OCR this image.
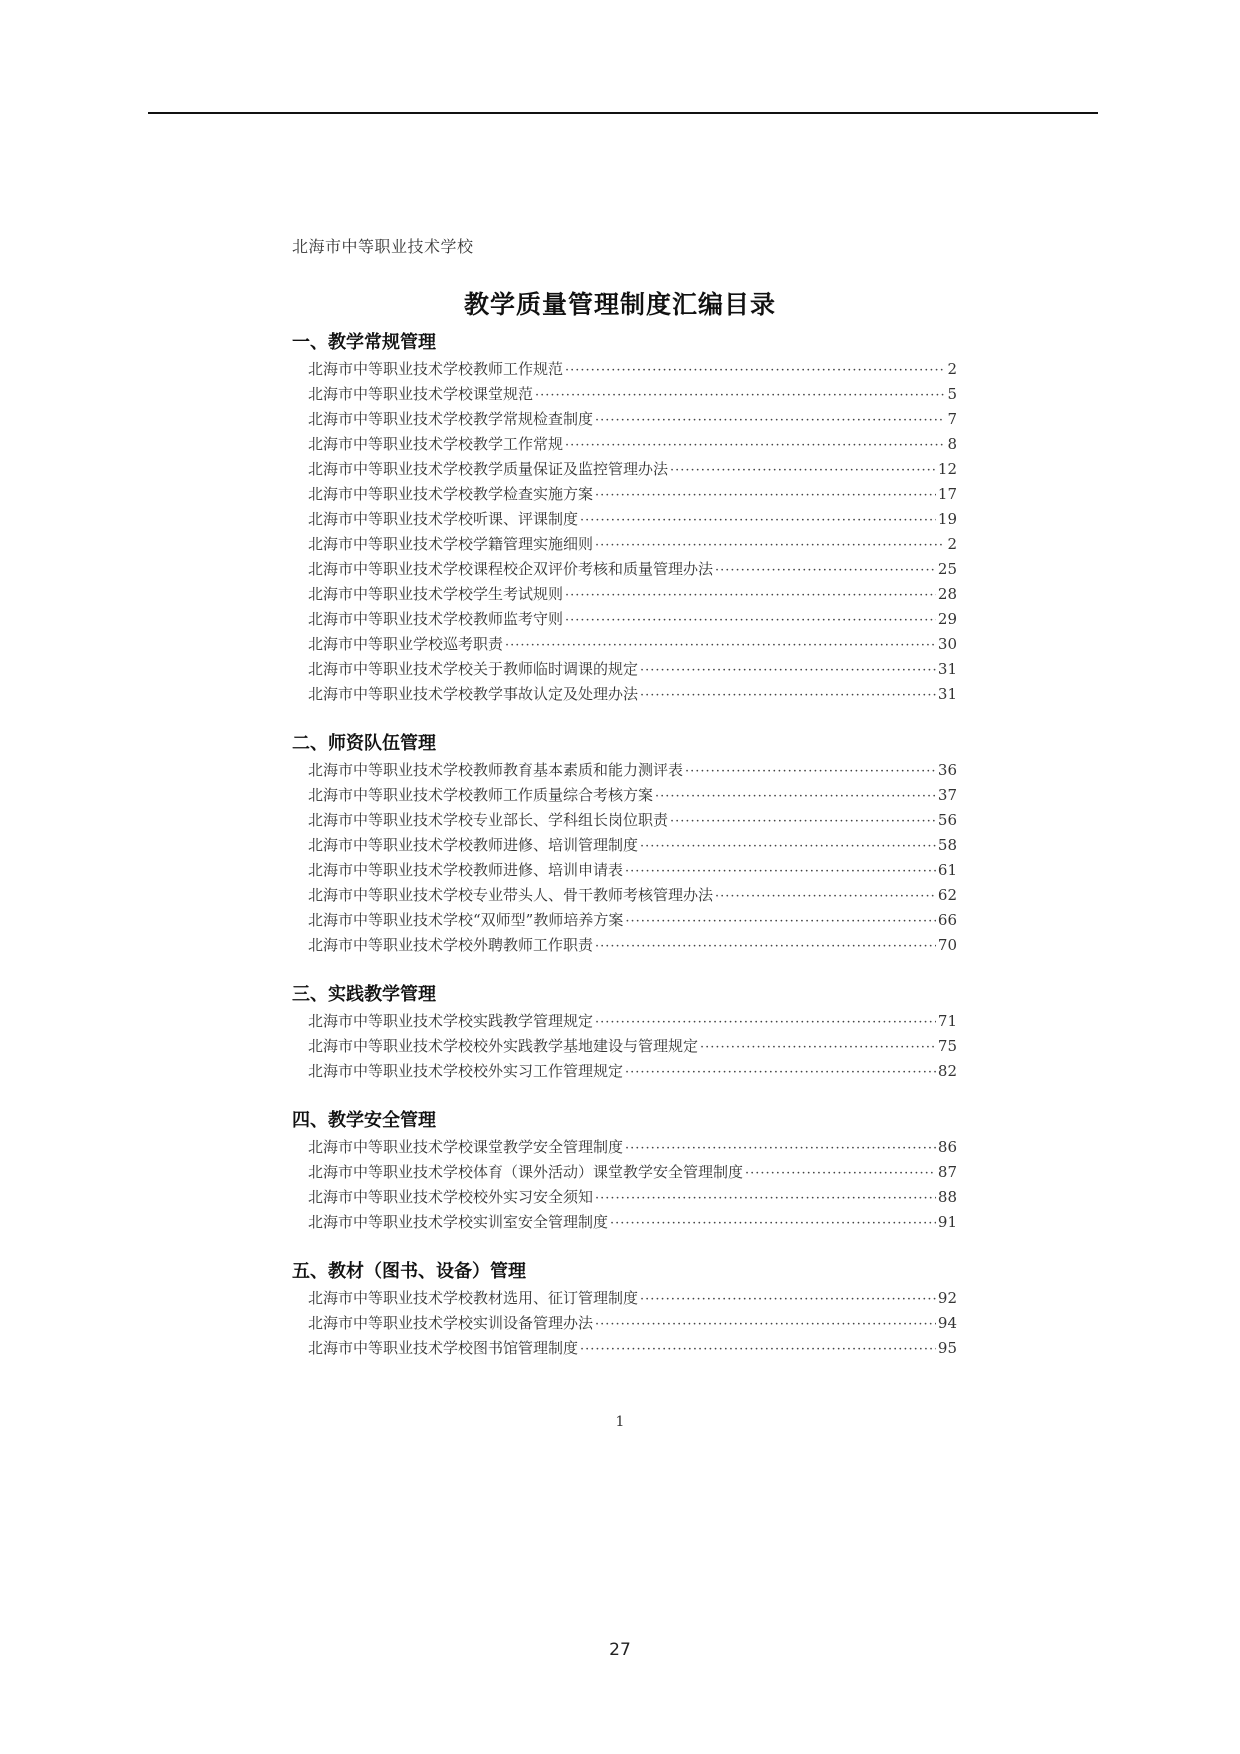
北海市中等职业技术学校
教学质量管理制度汇编目录
一、教学常规管理
北海市中等职业技术学校教师工作规范 ·····	2
北海市中等职业技术学校课堂规范 ·····	5
北海市中等职业技术学校教学常规检查制度 ·····	7
北海市中等职业技术学校教学工作常规 ·····	8
北海市中等职业技术学校教学质量保证及监控管理办法 ·····	12
北海市中等职业技术学校教学检查实施方案 ·····	17
北海市中等职业技术学校听课、评课制度 ·····	19
北海市中等职业技术学校学籍管理实施细则 ·····	2
北海市中等职业技术学校课程校企双评价考核和质量管理办法 ·····	25
北海市中等职业技术学校学生考试规则 ·····	28
北海市中等职业技术学校教师监考守则 ·····	29
北海市中等职业学校巡考职责 ·····	30
北海市中等职业技术学校关于教师临时调课的规定 ·····	31
北海市中等职业技术学校教学事故认定及处理办法 ·····	31
二、师资队伍管理
北海市中等职业技术学校教师教育基本素质和能力测评表 ·····	36
北海市中等职业技术学校教师工作质量综合考核方案 ·····	37
北海市中等职业技术学校专业部长、学科组长岗位职责 ·····	56
北海市中等职业技术学校教师进修、培训管理制度 ·····	58
北海市中等职业技术学校教师进修、培训申请表 ·····	61
北海市中等职业技术学校专业带头人、骨干教师考核管理办法 ·····	62
北海市中等职业技术学校“双师型”教师培养方案 ·····	66
北海市中等职业技术学校外聘教师工作职责 ·····	70
三、实践教学管理
北海市中等职业技术学校实践教学管理规定 ·····	71
北海市中等职业技术学校校外实践教学基地建设与管理规定 ·····	75
北海市中等职业技术学校校外实习工作管理规定 ·····	82
四、教学安全管理
北海市中等职业技术学校课堂教学安全管理制度 ·····	86
北海市中等职业技术学校体育（课外活动）课堂教学安全管理制度 ·····	87
北海市中等职业技术学校校外实习安全须知 ·····	88
北海市中等职业技术学校实训室安全管理制度 ·····	91
五、教材（图书、设备）管理
北海市中等职业技术学校教材选用、征订管理制度 ·····	92
北海市中等职业技术学校实训设备管理办法 ·····	94
北海市中等职业技术学校图书馆管理制度 ·····	95
1
27
